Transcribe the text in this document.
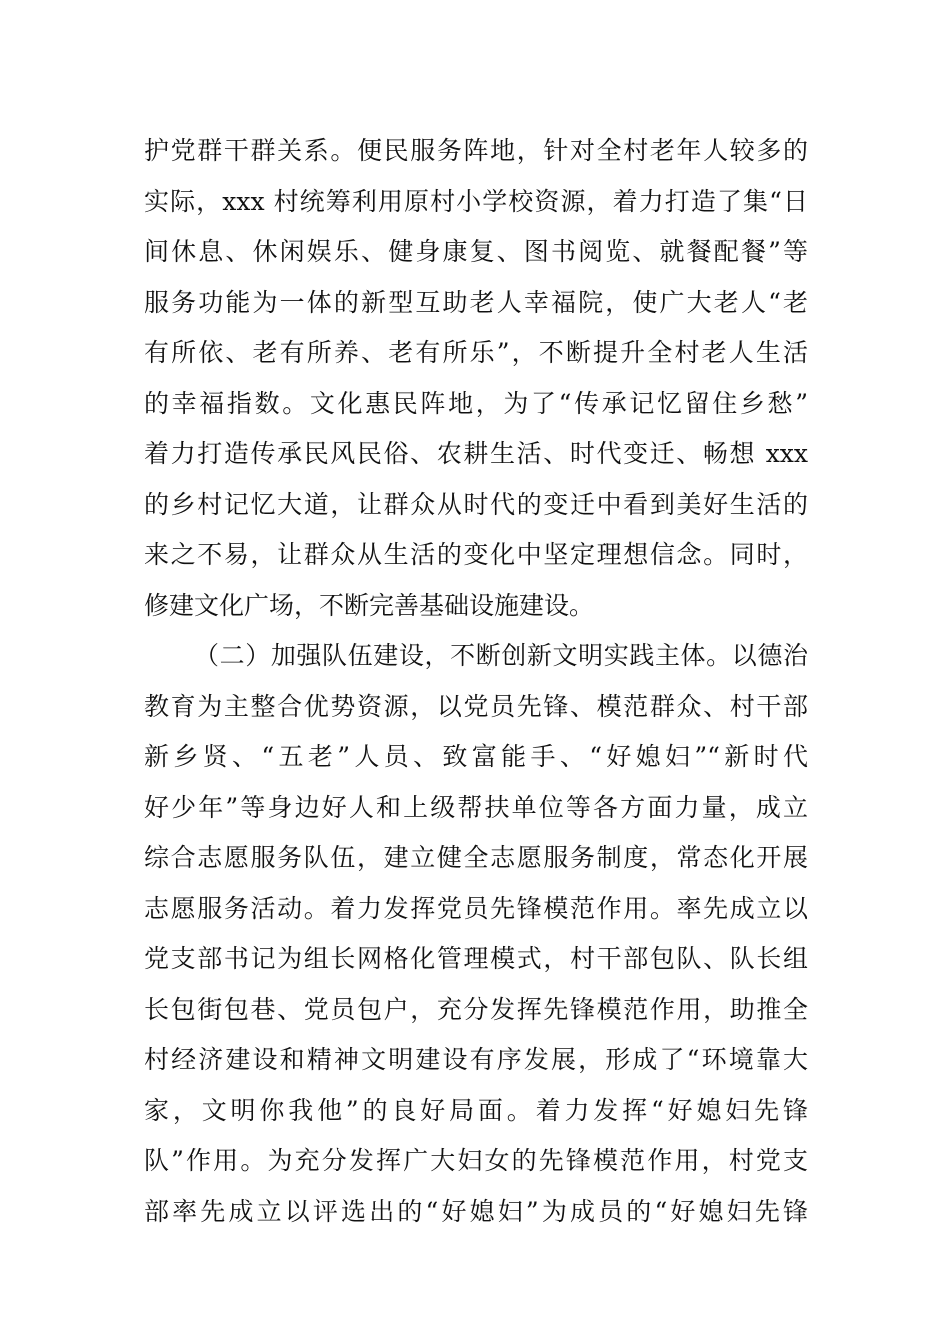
护党群干群关系。便民服务阵地，针对全村老年人较多的
实际，xxx 村统筹利用原村小学校资源，着力打造了集“日
间休息、休闲娱乐、健身康复、图书阅览、就餐配餐”等
服务功能为一体的新型互助老人幸福院，使广大老人“老
有所依、老有所养、老有所乐”，不断提升全村老人生活
的幸福指数。文化惠民阵地，为了“传承记忆留住乡愁”
着力打造传承民风民俗、农耕生活、时代变迁、畅想 xxx
的乡村记忆大道，让群众从时代的变迁中看到美好生活的
来之不易，让群众从生活的变化中坚定理想信念。同时，
修建文化广场，不断完善基础设施建设。
（二）加强队伍建设，不断创新文明实践主体。以德治
教育为主整合优势资源，以党员先锋、模范群众、村干部
新乡贤、“五老”人员、致富能手、“好媳妇”“新时代
好少年”等身边好人和上级帮扶单位等各方面力量，成立
综合志愿服务队伍，建立健全志愿服务制度，常态化开展
志愿服务活动。着力发挥党员先锋模范作用。率先成立以
党支部书记为组长网格化管理模式，村干部包队、队长组
长包街包巷、党员包户，充分发挥先锋模范作用，助推全
村经济建设和精神文明建设有序发展，形成了“环境靠大
家，文明你我他”的良好局面。着力发挥“好媳妇先锋
队”作用。为充分发挥广大妇女的先锋模范作用，村党支
部率先成立以评选出的“好媳妇”为成员的“好媳妇先锋
